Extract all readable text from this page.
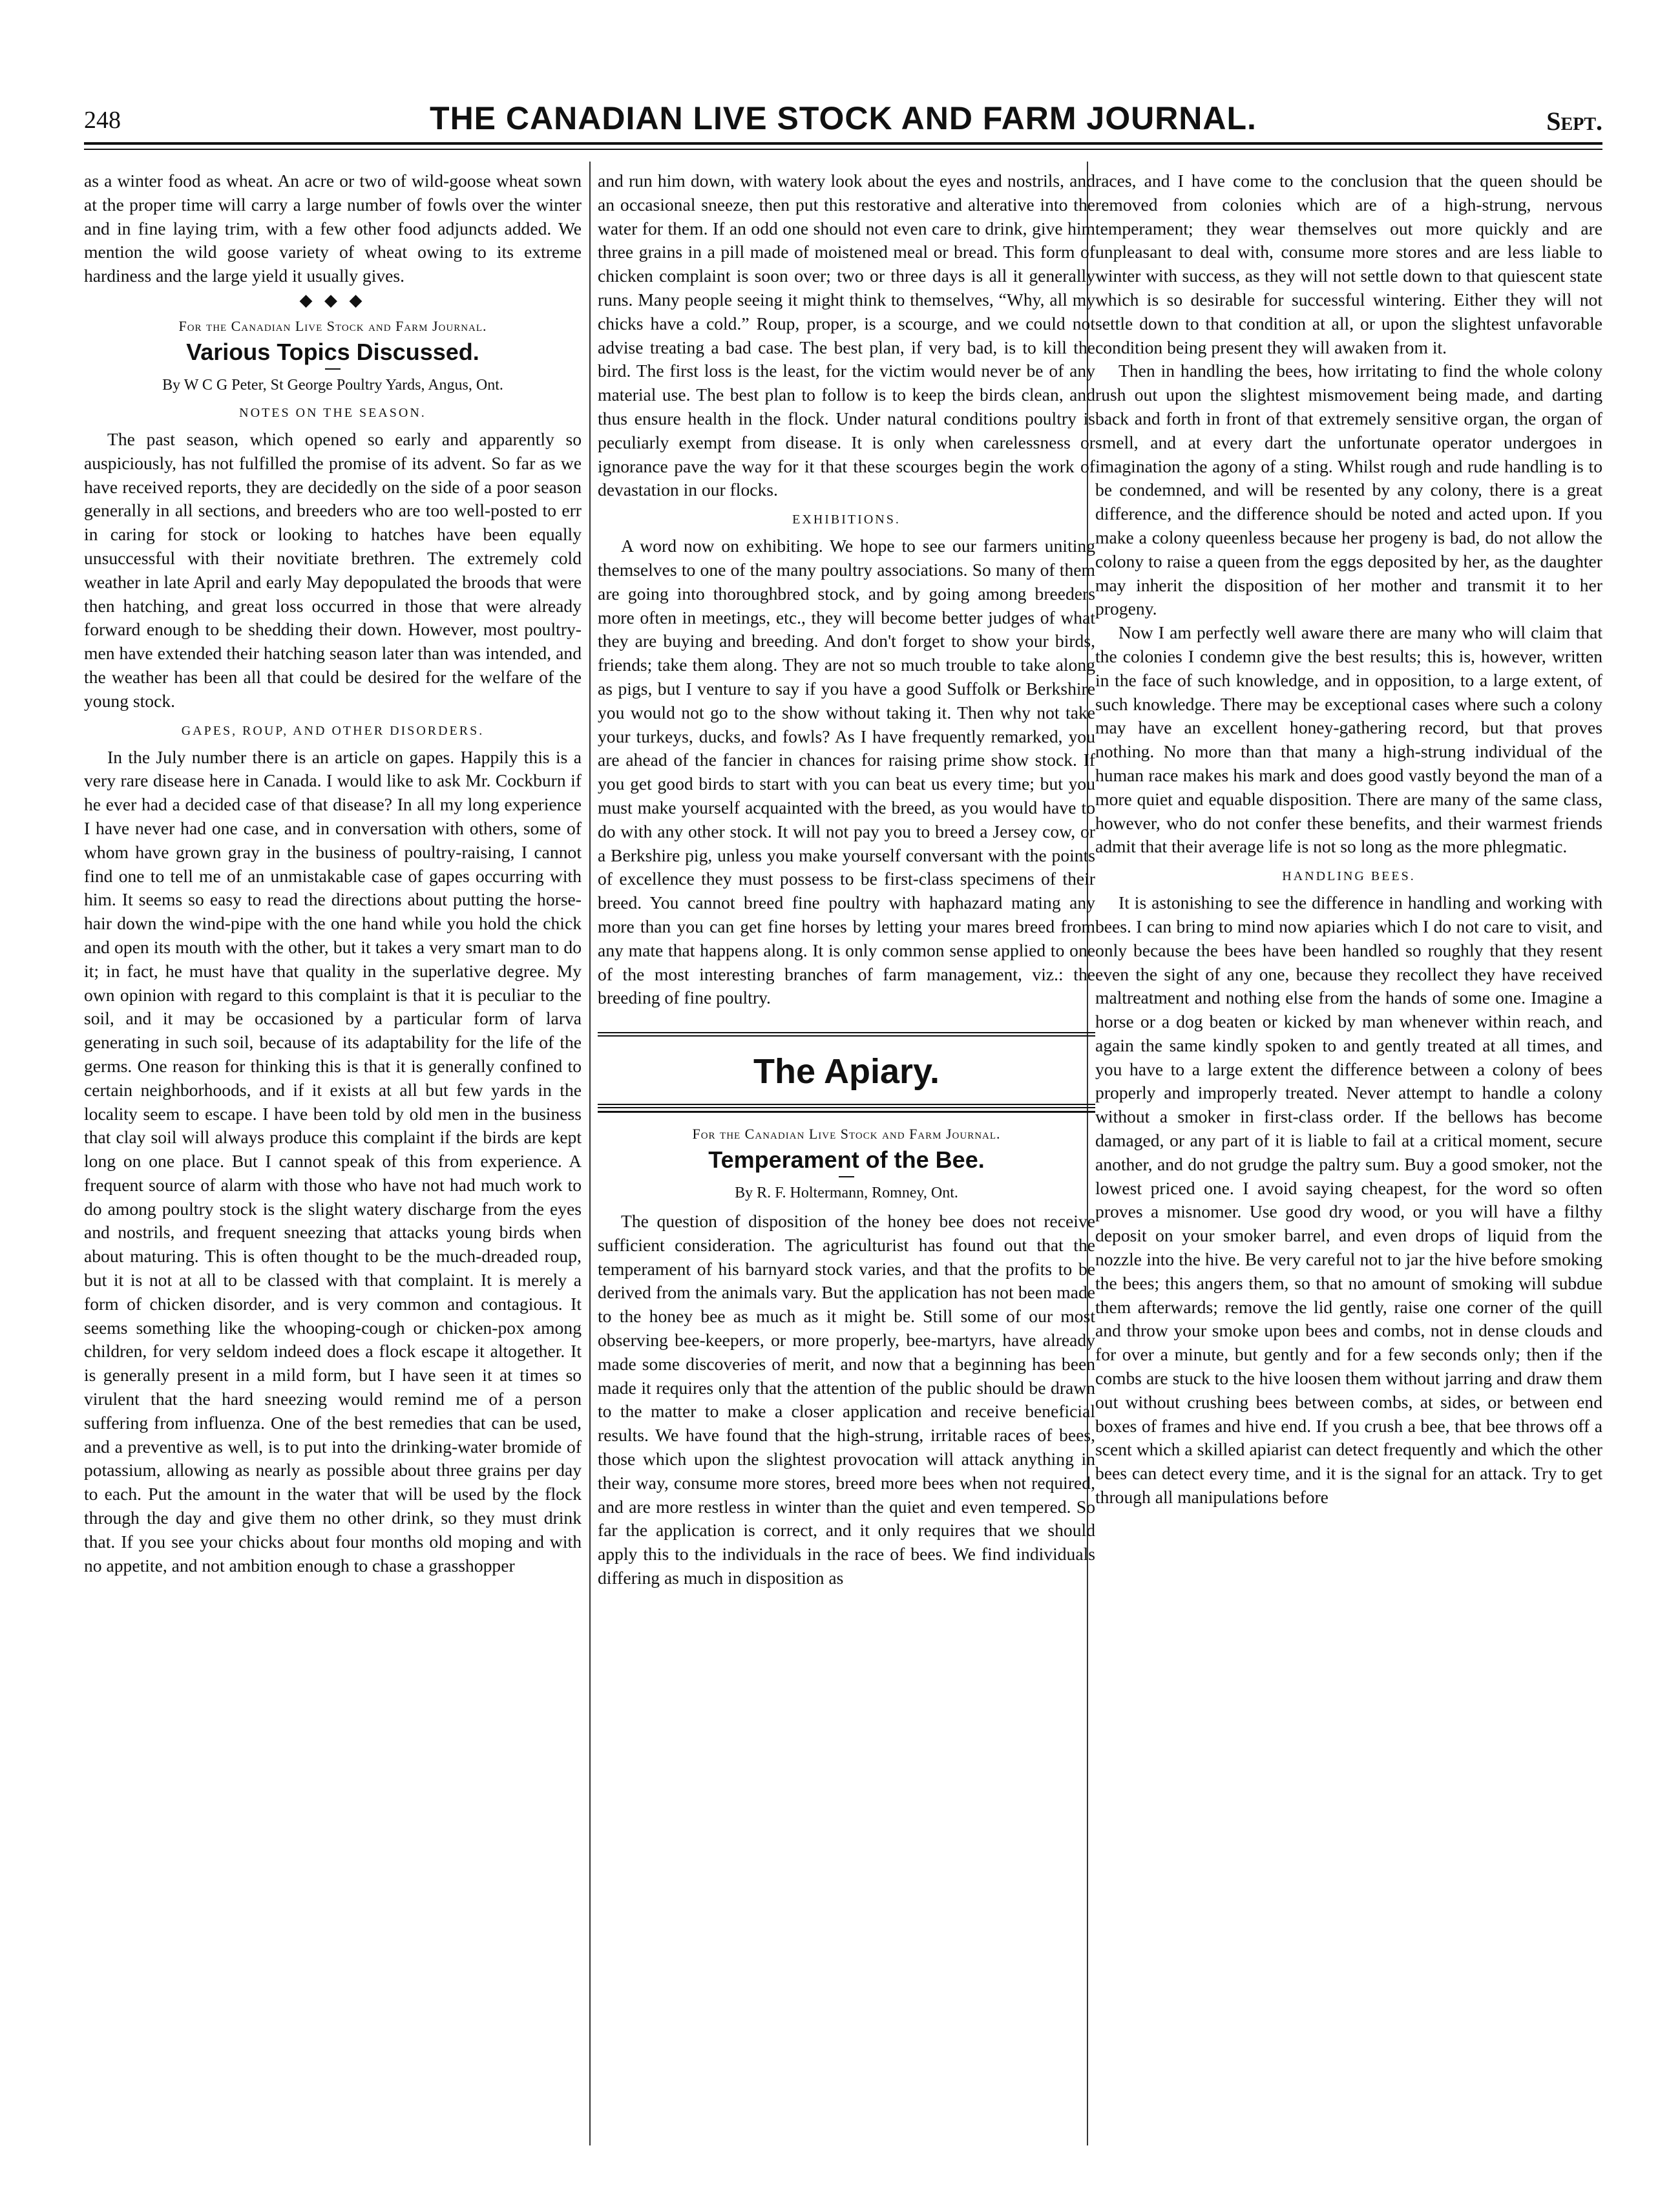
248	THE CANADIAN LIVE STOCK AND FARM JOURNAL.	Sept.

as a winter food as wheat. An acre or two of wild-goose wheat sown at the proper time will carry a large number of fowls over the winter and in fine laying trim, with a few other food adjuncts added. We mention the wild goose variety of wheat owing to its extreme hardiness and the large yield it usually gives.

◆ ◆ ◆
For the Canadian Live Stock and Farm Journal.
Various Topics Discussed.
By W C G Peter, St George Poultry Yards, Angus, Ont.
NOTES ON THE SEASON.

The past season, which opened so early and apparently so auspiciously, has not fulfilled the promise of its advent. So far as we have received reports, they are decidedly on the side of a poor season generally in all sections, and breeders who are too well-posted to err in caring for stock or looking to hatches have been equally unsuccessful with their novitiate brethren. The extremely cold weather in late April and early May depopulated the broods that were then hatching, and great loss occurred in those that were already forward enough to be shedding their down. However, most poultry-men have extended their hatching season later than was intended, and the weather has been all that could be desired for the welfare of the young stock.

GAPES, ROUP, AND OTHER DISORDERS.

In the July number there is an article on gapes. Happily this is a very rare disease here in Canada. I would like to ask Mr. Cockburn if he ever had a decided case of that disease? In all my long experience I have never had one case, and in conversation with others, some of whom have grown gray in the business of poultry-raising, I cannot find one to tell me of an unmistakable case of gapes occurring with him. It seems so easy to read the directions about putting the horse-hair down the wind-pipe with the one hand while you hold the chick and open its mouth with the other, but it takes a very smart man to do it; in fact, he must have that quality in the superlative degree. My own opinion with regard to this complaint is that it is peculiar to the soil, and it may be occasioned by a particular form of larva generating in such soil, because of its adaptability for the life of the germs. One reason for thinking this is that it is generally confined to certain neighborhoods, and if it exists at all but few yards in the locality seem to escape. I have been told by old men in the business that clay soil will always produce this complaint if the birds are kept long on one place. But I cannot speak of this from experience. A frequent source of alarm with those who have not had much work to do among poultry stock is the slight watery discharge from the eyes and nostrils, and frequent sneezing that attacks young birds when about maturing. This is often thought to be the much-dreaded roup, but it is not at all to be classed with that complaint. It is merely a form of chicken disorder, and is very common and contagious. It seems something like the whooping-cough or chicken-pox among children, for very seldom indeed does a flock escape it altogether. It is generally present in a mild form, but I have seen it at times so virulent that the hard sneezing would remind me of a person suffering from influenza. One of the best remedies that can be used, and a preventive as well, is to put into the drinking-water bromide of potassium, allowing as nearly as possible about three grains per day to each. Put the amount in the water that will be used by the flock through the day and give them no other drink, so they must drink that. If you see your chicks about four months old moping and with no appetite, and not ambition enough to chase a grasshopper

and run him down, with watery look about the eyes and nostrils, and an occasional sneeze, then put this restorative and alterative into the water for them. If an odd one should not even care to drink, give him three grains in a pill made of moistened meal or bread. This form of chicken complaint is soon over; two or three days is all it generally runs. Many people seeing it might think to themselves, “Why, all my chicks have a cold.” Roup, proper, is a scourge, and we could not advise treating a bad case. The best plan, if very bad, is to kill the bird. The first loss is the least, for the victim would never be of any material use. The best plan to follow is to keep the birds clean, and thus ensure health in the flock. Under natural conditions poultry is peculiarly exempt from disease. It is only when carelessness or ignorance pave the way for it that these scourges begin the work of devastation in our flocks.

EXHIBITIONS.

A word now on exhibiting. We hope to see our farmers uniting themselves to one of the many poultry associations. So many of them are going into thoroughbred stock, and by going among breeders more often in meetings, etc., they will become better judges of what they are buying and breeding. And don't forget to show your birds, friends; take them along. They are not so much trouble to take along as pigs, but I venture to say if you have a good Suffolk or Berkshire you would not go to the show without taking it. Then why not take your turkeys, ducks, and fowls? As I have frequently remarked, you are ahead of the fancier in chances for raising prime show stock. If you get good birds to start with you can beat us every time; but you must make yourself acquainted with the breed, as you would have to do with any other stock. It will not pay you to breed a Jersey cow, or a Berkshire pig, unless you make yourself conversant with the points of excellence they must possess to be first-class specimens of their breed. You cannot breed fine poultry with haphazard mating any more than you can get fine horses by letting your mares breed from any mate that happens along. It is only common sense applied to one of the most interesting branches of farm management, viz.: the breeding of fine poultry.

The Apiary.
For the Canadian Live Stock and Farm Journal.
Temperament of the Bee.
By R. F. Holtermann, Romney, Ont.

The question of disposition of the honey bee does not receive sufficient consideration. The agriculturist has found out that the temperament of his barnyard stock varies, and that the profits to be derived from the animals vary. But the application has not been made to the honey bee as much as it might be. Still some of our most observing bee-keepers, or more properly, bee-martyrs, have already made some discoveries of merit, and now that a beginning has been made it requires only that the attention of the public should be drawn to the matter to make a closer application and receive beneficial results. We have found that the high-strung, irritable races of bees, those which upon the slightest provocation will attack anything in their way, consume more stores, breed more bees when not required, and are more restless in winter than the quiet and even tempered. So far the application is correct, and it only requires that we should apply this to the individuals in the race of bees. We find individuals differing as much in disposition as

races, and I have come to the conclusion that the queen should be removed from colonies which are of a high-strung, nervous temperament; they wear themselves out more quickly and are unpleasant to deal with, consume more stores and are less liable to winter with success, as they will not settle down to that quiescent state which is so desirable for successful wintering. Either they will not settle down to that condition at all, or upon the slightest unfavorable condition being present they will awaken from it.

Then in handling the bees, how irritating to find the whole colony rush out upon the slightest mismovement being made, and darting back and forth in front of that extremely sensitive organ, the organ of smell, and at every dart the unfortunate operator undergoes in imagination the agony of a sting. Whilst rough and rude handling is to be condemned, and will be resented by any colony, there is a great difference, and the difference should be noted and acted upon. If you make a colony queenless because her progeny is bad, do not allow the colony to raise a queen from the eggs deposited by her, as the daughter may inherit the disposition of her mother and transmit it to her progeny.

Now I am perfectly well aware there are many who will claim that the colonies I condemn give the best results; this is, however, written in the face of such knowledge, and in opposition, to a large extent, of such knowledge. There may be exceptional cases where such a colony may have an excellent honey-gathering record, but that proves nothing. No more than that many a high-strung individual of the human race makes his mark and does good vastly beyond the man of a more quiet and equable disposition. There are many of the same class, however, who do not confer these benefits, and their warmest friends admit that their average life is not so long as the more phlegmatic.

HANDLING BEES.

It is astonishing to see the difference in handling and working with bees. I can bring to mind now apiaries which I do not care to visit, and only because the bees have been handled so roughly that they resent even the sight of any one, because they recollect they have received maltreatment and nothing else from the hands of some one. Imagine a horse or a dog beaten or kicked by man whenever within reach, and again the same kindly spoken to and gently treated at all times, and you have to a large extent the difference between a colony of bees properly and improperly treated. Never attempt to handle a colony without a smoker in first-class order. If the bellows has become damaged, or any part of it is liable to fail at a critical moment, secure another, and do not grudge the paltry sum. Buy a good smoker, not the lowest priced one. I avoid saying cheapest, for the word so often proves a misnomer. Use good dry wood, or you will have a filthy deposit on your smoker barrel, and even drops of liquid from the nozzle into the hive. Be very careful not to jar the hive before smoking the bees; this angers them, so that no amount of smoking will subdue them afterwards; remove the lid gently, raise one corner of the quill and throw your smoke upon bees and combs, not in dense clouds and for over a minute, but gently and for a few seconds only; then if the combs are stuck to the hive loosen them without jarring and draw them out without crushing bees between combs, at sides, or between end boxes of frames and hive end. If you crush a bee, that bee throws off a scent which a skilled apiarist can detect frequently and which the other bees can detect every time, and it is the signal for an attack. Try to get through all manipulations before
